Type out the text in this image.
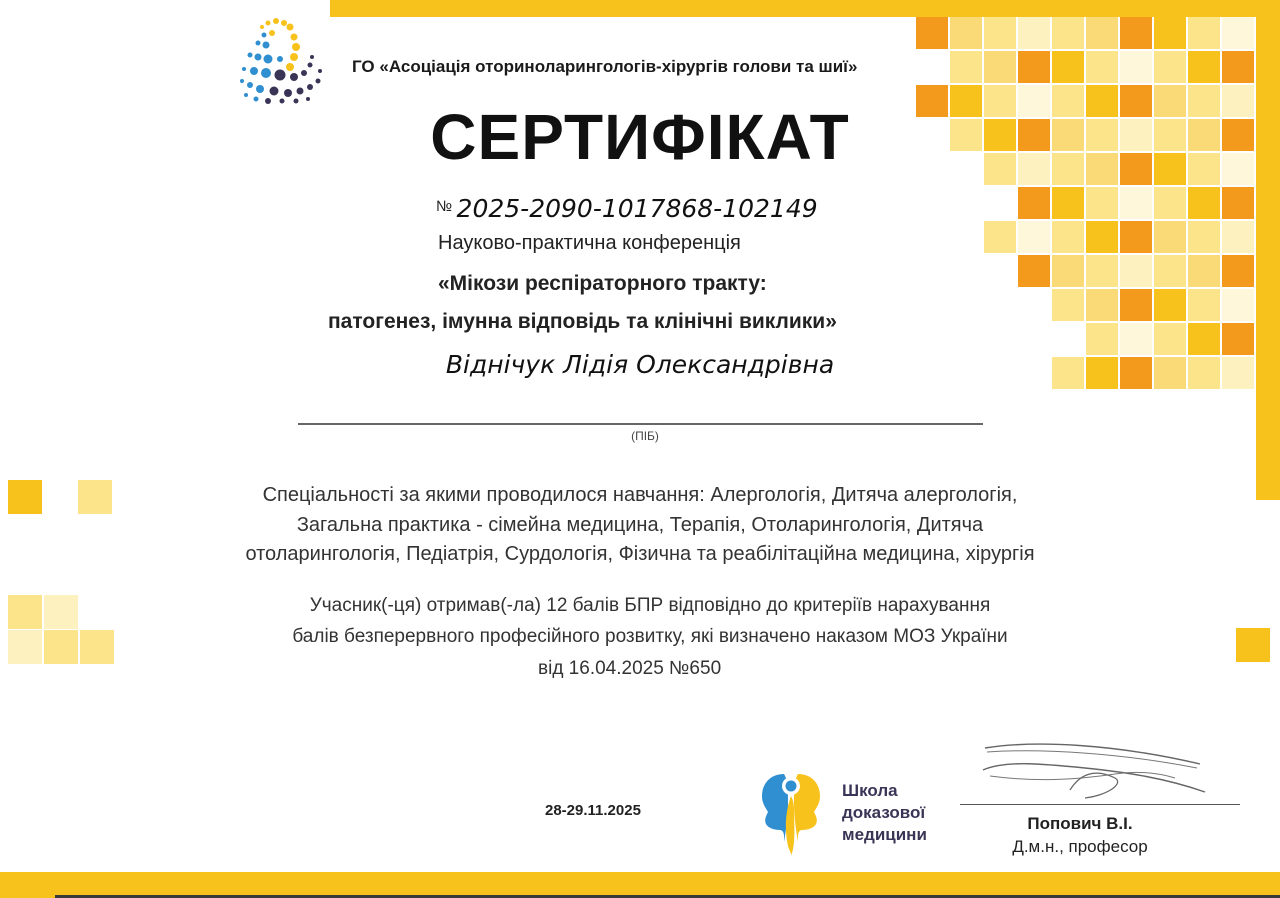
ГО «Асоціація оториноларингологів-хірургів голови та шиї»
СЕРТИФІКАТ
№ 2025-2090-1017868-102149
Науково-практична конференція
«Мікози респіраторного тракту:
патогенез, імунна відповідь та клінічні виклики»
Віднічук Лідія Олександрівна
(ПІБ)
Спеціальності за якими проводилося навчання: Алергологія, Дитяча алергологія,
Загальна практика - сімейна медицина, Терапія, Отоларингологія, Дитяча
отоларингологія, Педіатрія, Сурдологія, Фізична та реабілітаційна медицина, хірургія
Учасник(-ця) отримав(-ла) 12 балів БПР відповідно до критеріїв нарахування
балів безперервного професійного розвитку, які визначено наказом МОЗ України
від 16.04.2025 №650
28-29.11.2025
Школа
доказової
медицини
Попович В.І.
Д.м.н., професор
